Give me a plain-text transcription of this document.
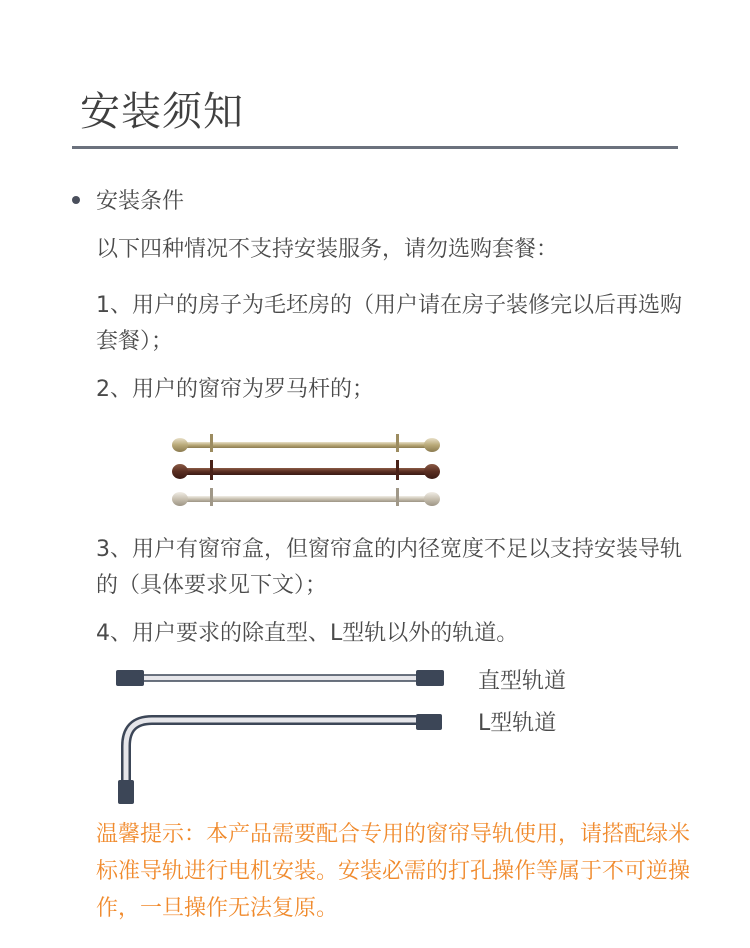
安装须知
安装条件
以下四种情况不支持安装服务，请勿选购套餐：
1、用户的房子为毛坯房的（用户请在房子装修完以后再选购套餐）；
2、用户的窗帘为罗马杆的；
3、用户有窗帘盒，但窗帘盒的内径宽度不足以支持安装导轨的（具体要求见下文）；
4、用户要求的除直型、L型轨以外的轨道。
直型轨道
L型轨道
温馨提示：本产品需要配合专用的窗帘导轨使用，请搭配绿米标准导轨进行电机安装。安装必需的打孔操作等属于不可逆操作，一旦操作无法复原。
